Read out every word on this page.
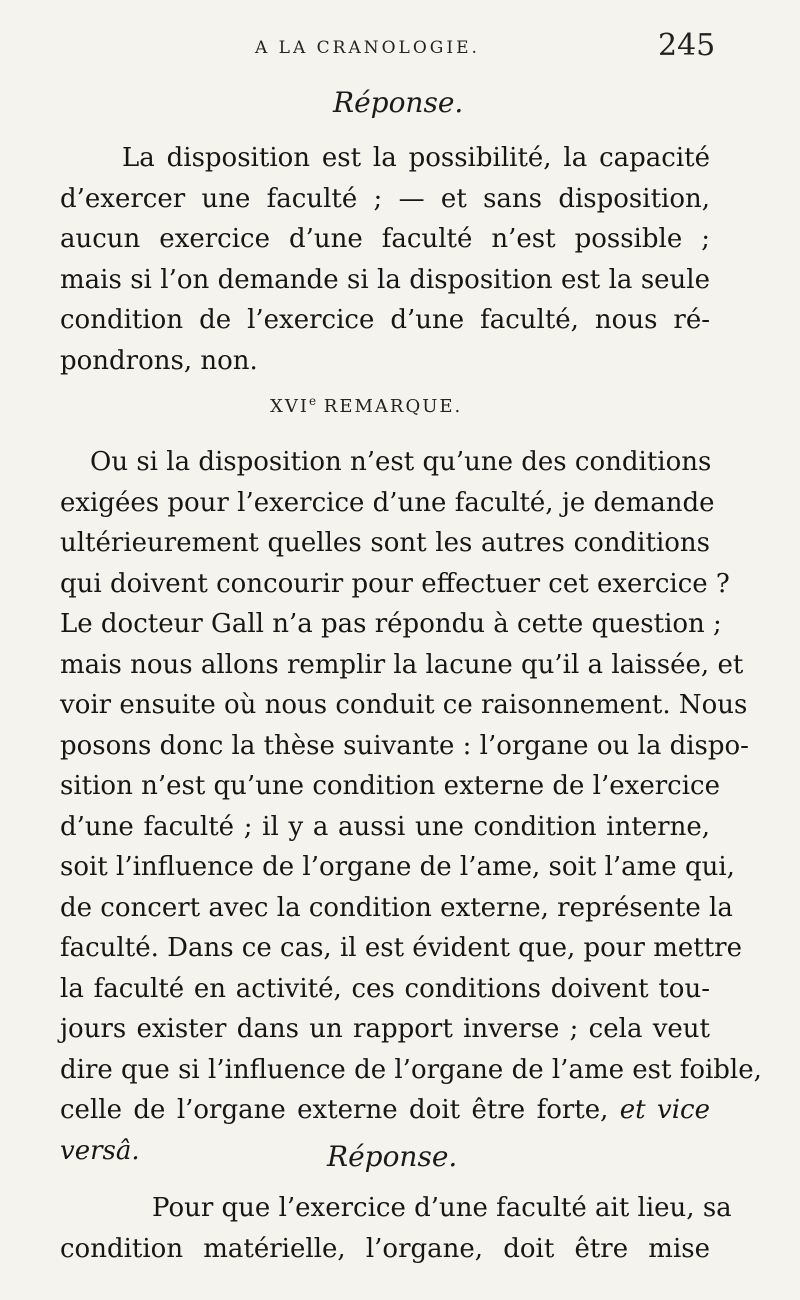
A LA CRANOLOGIE.	245
Réponse.
La disposition est la possibilité, la capacité
d’exercer une faculté ; — et sans disposition,
aucun exercice d’une faculté n’est possible ;
mais si l’on demande si la disposition est la seule
condition de l’exercice d’une faculté, nous ré-
pondrons, non.
XVIe REMARQUE.
Ou si la disposition n’est qu’une des conditions
exigées pour l’exercice d’une faculté, je demande
ultérieurement quelles sont les autres conditions
qui doivent concourir pour effectuer cet exercice ?
Le docteur Gall n’a pas répondu à cette question ;
mais nous allons remplir la lacune qu’il a laissée, et
voir ensuite où nous conduit ce raisonnement. Nous
posons donc la thèse suivante : l’organe ou la dispo-
sition n’est qu’une condition externe de l’exercice
d’une faculté ; il y a aussi une condition interne,
soit l’influence de l’organe de l’ame, soit l’ame qui,
de concert avec la condition externe, représente la
faculté. Dans ce cas, il est évident que, pour mettre
la faculté en activité, ces conditions doivent tou-
jours exister dans un rapport inverse ; cela veut
dire que si l’influence de l’organe de l’ame est foible,
celle de l’organe externe doit être forte, et vice
versâ.	Réponse.
Pour que l’exercice d’une faculté ait lieu, sa
condition matérielle, l’organe, doit être mise
